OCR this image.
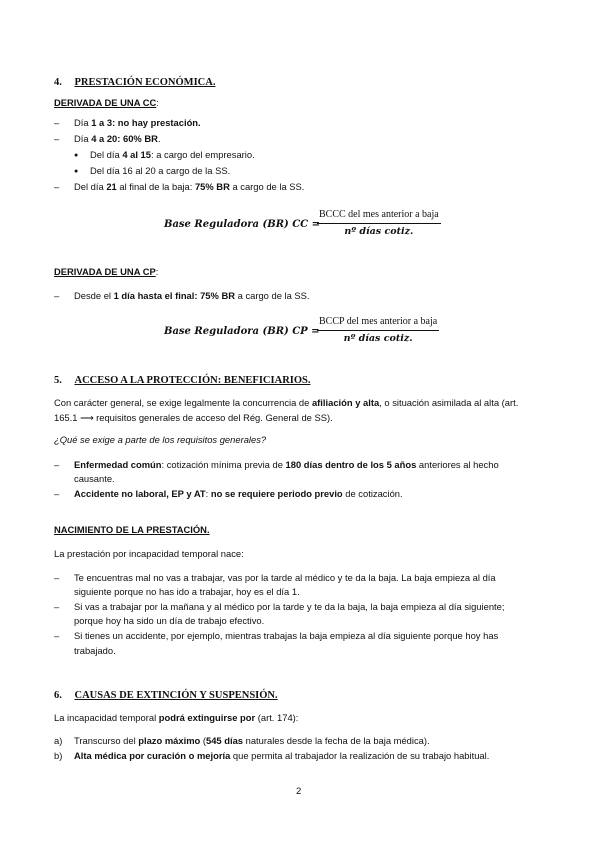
4. PRESTACIÓN ECONÓMICA.
DERIVADA DE UNA CC:
– Día 1 a 3: no hay prestación.
– Día 4 a 20: 60% BR.
● Del día 4 al 15: a cargo del empresario.
● Del día 16 al 20 a cargo de la SS.
– Del día 21 al final de la baja: 75% BR a cargo de la SS.
Base Reguladora (BR) CC =
BCCC del mes anterior a baja
nº días cotiz.
DERIVADA DE UNA CP:
– Desde el 1 día hasta el final: 75% BR a cargo de la SS.
Base Reguladora (BR) CP =
BCCP del mes anterior a baja
nº días cotiz.
5. ACCESO A LA PROTECCIÓN: BENEFICIARIOS.
Con carácter general, se exige legalmente la concurrencia de afiliación y alta, o situación asimilada al alta (art.
165.1 ⟶ requisitos generales de acceso del Rég. General de SS).
¿Qué se exige a parte de los requisitos generales?
– Enfermedad común: cotización mínima previa de 180 días dentro de los 5 años anteriores al hecho
causante.
– Accidente no laboral, EP y AT: no se requiere periodo previo de cotización.
NACIMIENTO DE LA PRESTACIÓN.
La prestación por incapacidad temporal nace:
– Te encuentras mal no vas a trabajar, vas por la tarde al médico y te da la baja. La baja empieza al día
siguiente porque no has ido a trabajar, hoy es el día 1.
– Si vas a trabajar por la mañana y al médico por la tarde y te da la baja, la baja empieza al día siguiente;
porque hoy ha sido un día de trabajo efectivo.
– Si tienes un accidente, por ejemplo, mientras trabajas la baja empieza al día siguiente porque hoy has
trabajado.
6. CAUSAS DE EXTINCIÓN Y SUSPENSIÓN.
La incapacidad temporal podrá extinguirse por (art. 174):
a) Transcurso del plazo máximo (545 días naturales desde la fecha de la baja médica).
b) Alta médica por curación o mejoría que permita al trabajador la realización de su trabajo habitual.
2
